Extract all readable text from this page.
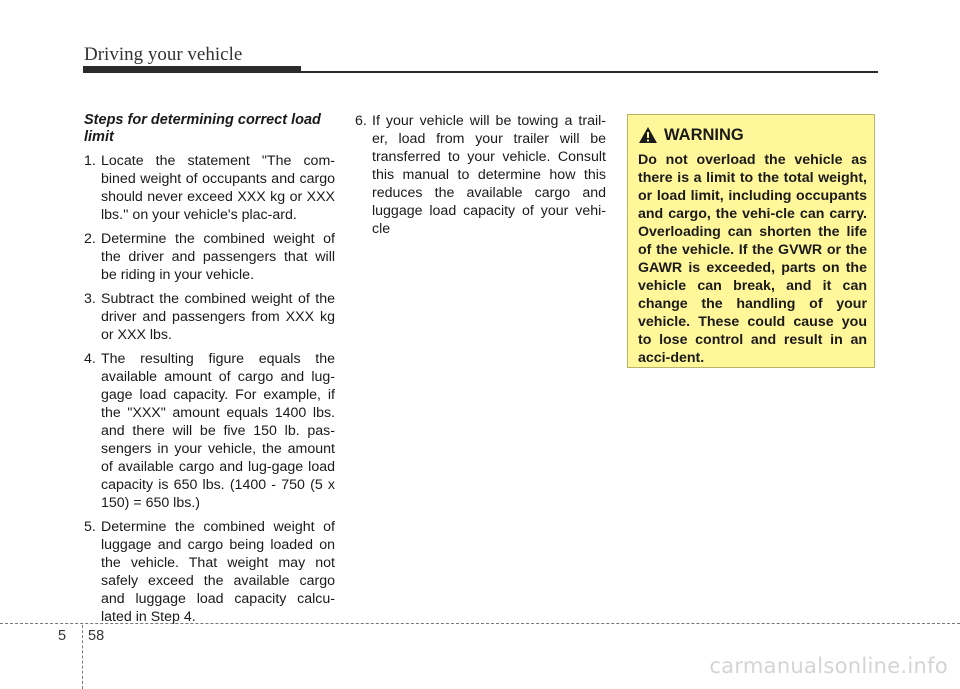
Driving your vehicle
Steps for determining correct load limit
1. Locate the statement "The com-bined weight of occupants and cargo should never exceed XXX kg or XXX lbs.'' on your vehicle's plac-ard.
2. Determine the combined weight of the driver and passengers that will be riding in your vehicle.
3. Subtract the combined weight of the driver and passengers from XXX kg or XXX lbs.
4. The resulting figure equals the available amount of cargo and lug-gage load capacity. For example, if the "XXX" amount equals 1400 lbs. and there will be five 150 lb. pas-sengers in your vehicle, the amount of available cargo and lug-gage load capacity is 650 lbs. (1400 - 750 (5 x 150) = 650 lbs.)
5. Determine the combined weight of luggage and cargo being loaded on the vehicle. That weight may not safely exceed the available cargo and luggage load capacity calcu-lated in Step 4.
6. If your vehicle will be towing a trail-er, load from your trailer will be transferred to your vehicle. Consult this manual to determine how this reduces the available cargo and luggage load capacity of your vehi-cle
WARNING
Do not overload the vehicle as there is a limit to the total weight, or load limit, including occupants and cargo, the vehi-cle can carry. Overloading can shorten the life of the vehicle. If the GVWR or the GAWR is exceeded, parts on the vehicle can break, and it can change the handling of your vehicle. These could cause you to lose control and result in an acci-dent.
5 58
carmanualsonline.info
